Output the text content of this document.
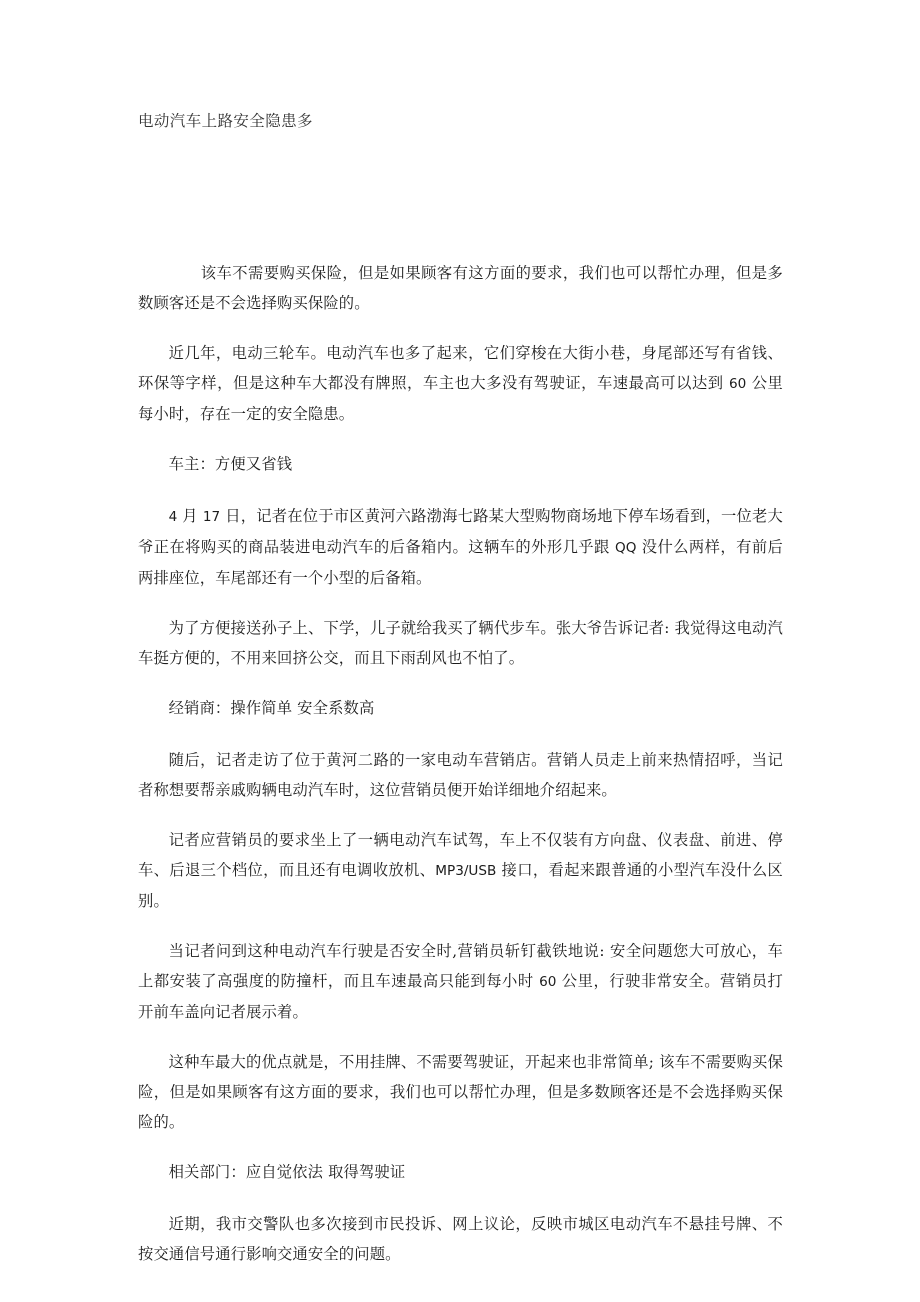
电动汽车上路安全隐患多

该车不需要购买保险，但是如果顾客有这方面的要求，我们也可以帮忙办理，但是多数顾客还是不会选择购买保险的。

近几年，电动三轮车。电动汽车也多了起来，它们穿梭在大街小巷，身尾部还写有省钱、环保等字样，但是这种车大都没有牌照，车主也大多没有驾驶证，车速最高可以达到 60 公里每小时，存在一定的安全隐患。

车主：方便又省钱

4 月 17 日，记者在位于市区黄河六路渤海七路某大型购物商场地下停车场看到，一位老大爷正在将购买的商品装进电动汽车的后备箱内。这辆车的外形几乎跟 QQ 没什么两样，有前后两排座位，车尾部还有一个小型的后备箱。

为了方便接送孙子上、下学，儿子就给我买了辆代步车。张大爷告诉记者: 我觉得这电动汽车挺方便的，不用来回挤公交，而且下雨刮风也不怕了。

经销商：操作简单 安全系数高

随后，记者走访了位于黄河二路的一家电动车营销店。营销人员走上前来热情招呼，当记者称想要帮亲戚购辆电动汽车时，这位营销员便开始详细地介绍起来。

记者应营销员的要求坐上了一辆电动汽车试驾，车上不仅装有方向盘、仪表盘、前进、停车、后退三个档位，而且还有电调收放机、MP3/USB 接口，看起来跟普通的小型汽车没什么区别。

当记者问到这种电动汽车行驶是否安全时,营销员斩钉截铁地说: 安全问题您大可放心，车上都安装了高强度的防撞杆，而且车速最高只能到每小时 60 公里，行驶非常安全。营销员打开前车盖向记者展示着。

这种车最大的优点就是，不用挂牌、不需要驾驶证，开起来也非常简单; 该车不需要购买保险，但是如果顾客有这方面的要求，我们也可以帮忙办理，但是多数顾客还是不会选择购买保险的。

相关部门：应自觉依法 取得驾驶证

近期，我市交警队也多次接到市民投诉、网上议论，反映市城区电动汽车不悬挂号牌、不按交通信号通行影响交通安全的问题。
